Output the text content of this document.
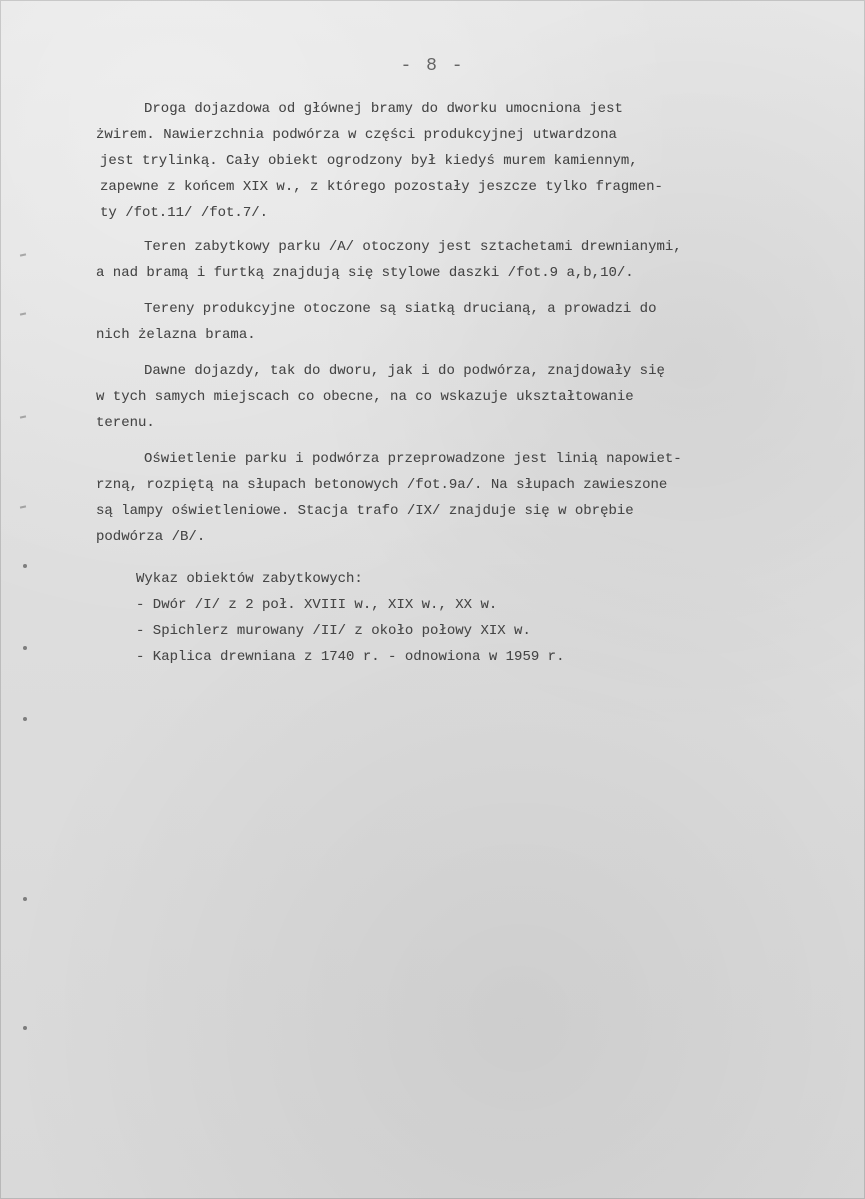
- 8 -
Droga dojazdowa od głównej bramy do dworku umocniona jest
żwirem. Nawierzchnia podwórza w części produkcyjnej utwardzona
jest trylinką. Cały obiekt ogrodzony był kiedyś murem kamiennym,
zapewne z końcem XIX w., z którego pozostały jeszcze tylko fragmen-
ty /fot.11/ /fot.7/.
Teren zabytkowy parku /A/ otoczony jest sztachetami drewnianymi,
a nad bramą i furtką znajdują się stylowe daszki /fot.9 a,b,10/.
Tereny produkcyjne otoczone są siatką drucianą, a prowadzi do
nich żelazna brama.
Dawne dojazdy, tak do dworu, jak i do podwórza, znajdowały się
w tych samych miejscach co obecne, na co wskazuje ukształtowanie
terenu.
Oświetlenie parku i podwórza przeprowadzone jest linią napowiet-
rzną, rozpiętą na słupach betonowych /fot.9a/. Na słupach zawieszone
są lampy oświetleniowe. Stacja trafo /IX/ znajduje się w obrębie
podwórza /B/.
Wykaz obiektów zabytkowych:
- Dwór /I/ z 2 poł. XVIII w., XIX w., XX w.
- Spichlerz murowany /II/ z około połowy XIX w.
- Kaplica drewniana z 1740 r. - odnowiona w 1959 r.
